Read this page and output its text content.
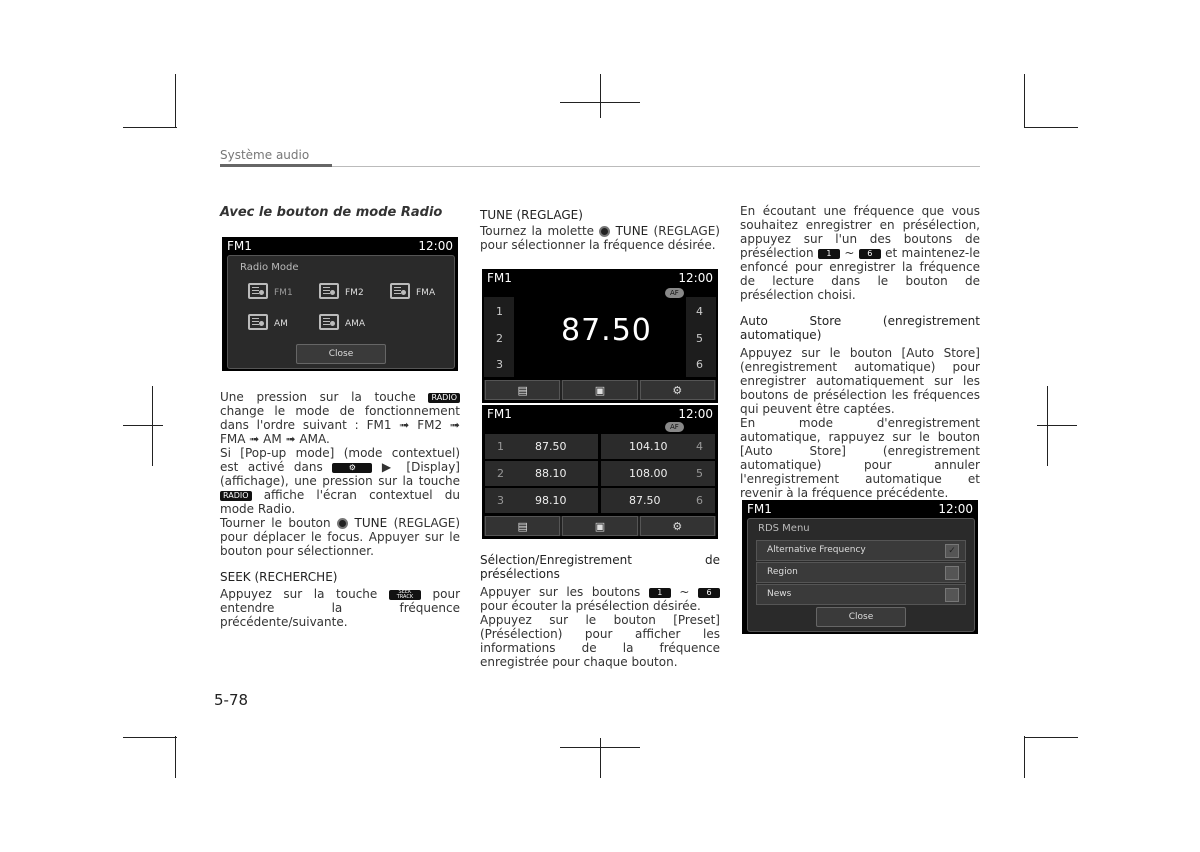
Système audio

Avec le bouton de mode Radio

FM1	12:00
Radio Mode
FM1	FM2	FMA
AM	AMA
Close

Une pression sur la touche RADIO change le mode de fonctionnement dans l'ordre suivant : FM1 ➟ FM2 ➟ FMA ➟ AM ➟ AMA.

Si [Pop-up mode] (mode contextuel) est activé dans	⚙ ▶ [Display] (affichage), une pression sur la touche RADIO affiche l'écran contextuel du mode Radio.

Tourner le bouton TUNE (REGLAGE) pour déplacer le focus. Appuyer sur le bouton pour sélectionner.

SEEK (RECHERCHE)

Appuyez sur la touche	SEEK TRACK pour entendre la fréquence précédente/suivante.

TUNE (REGLAGE)

Tournez la molette TUNE (REGLAGE) pour sélectionner la fréquence désirée.

FM1	12:00
AF
1
2
3
4
5
6
87.50
▤	▣	⚙
FM1	12:00
AF
1	87.50	104.10	4
2	88.10	108.00	5
3	98.10	87.50	6
▤	▣	⚙

Sélection/Enregistrement de présélections

Appuyer sur les boutons 1 ~ 6 pour écouter la présélection désirée.

Appuyez sur le bouton [Preset] (Présélection) pour afficher les informations de la fréquence enregistrée pour chaque bouton.

En écoutant une fréquence que vous souhaitez enregistrer en présélection, appuyez sur l'un des boutons de présélection 1 ~ 6 et maintenez-le enfoncé pour enregistrer la fréquence de lecture dans le bouton de présélection choisi.

Auto Store (enregistrement automatique)

Appuyez sur le bouton [Auto Store] (enregistrement automatique) pour enregistrer automatiquement sur les boutons de présélection les fréquences qui peuvent être captées.

En mode d'enregistrement automatique, rappuyez sur le bouton [Auto Store] (enregistrement automatique) pour annuler l'enregistrement automatique et revenir à la fréquence précédente.

FM1	12:00
RDS Menu
Alternative Frequency	✓
Region
News
Close
5-78
